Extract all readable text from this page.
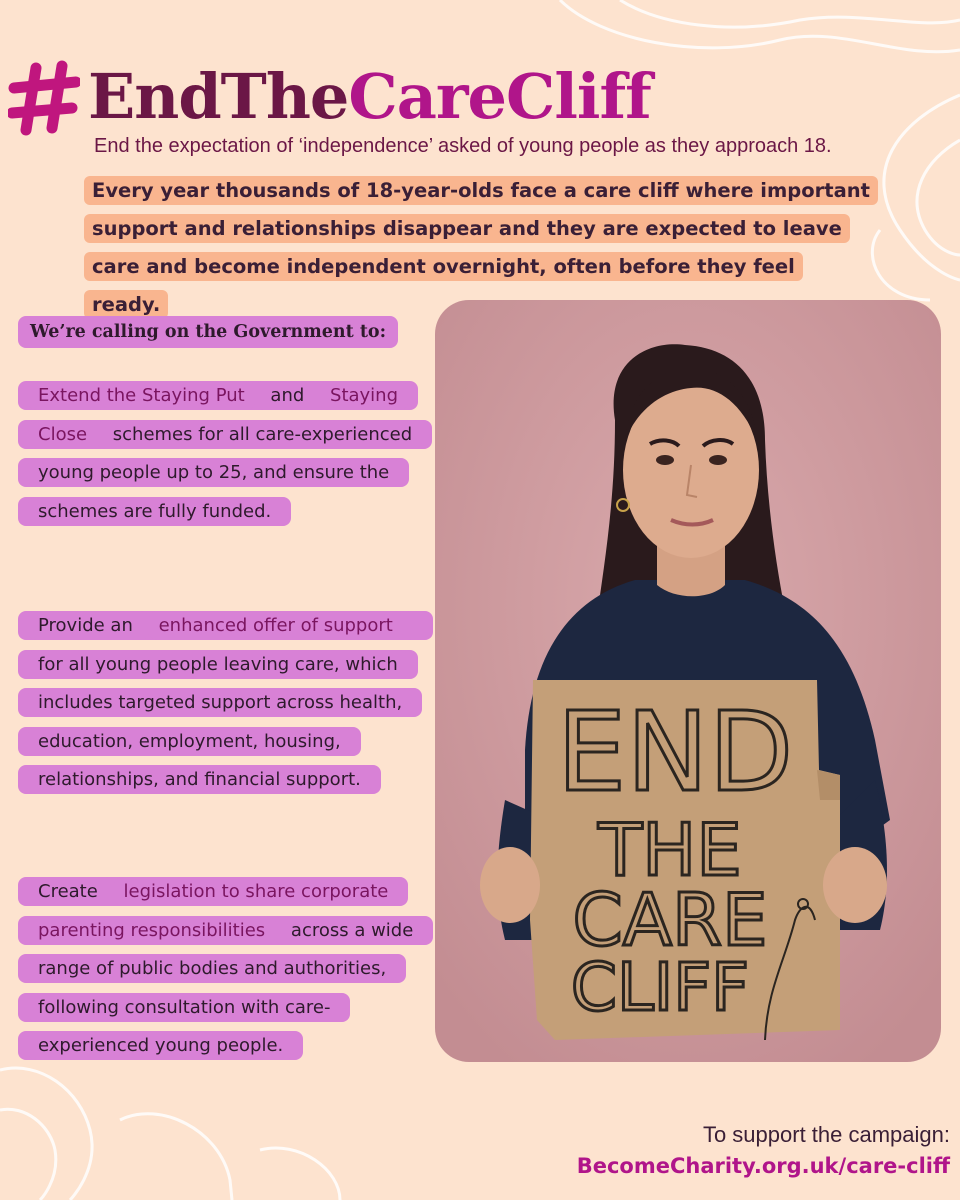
EndTheCareCliff

End the expectation of ‘independence’ asked of young people as they approach 18.

Every year thousands of 18-year-olds face a care cliff where important support and relationships disappear and they are expected to leave care and become independent overnight, often before they feel ready.
We’re calling on the Government to:
Extend the Staying Put and Staying Close schemes for all care-experienced young people up to 25, and ensure the schemes are fully funded.
Provide an enhanced offer of support for all young people leaving care, which includes targeted support across health, education, employment, housing, relationships, and financial support.
Create legislation to share corporate parenting responsibilities across a wide range of public bodies and authorities, following consultation with care-experienced young people.
END
THE
CARE
CLIFF

To support the campaign:

BecomeCharity.org.uk/care-cliff
